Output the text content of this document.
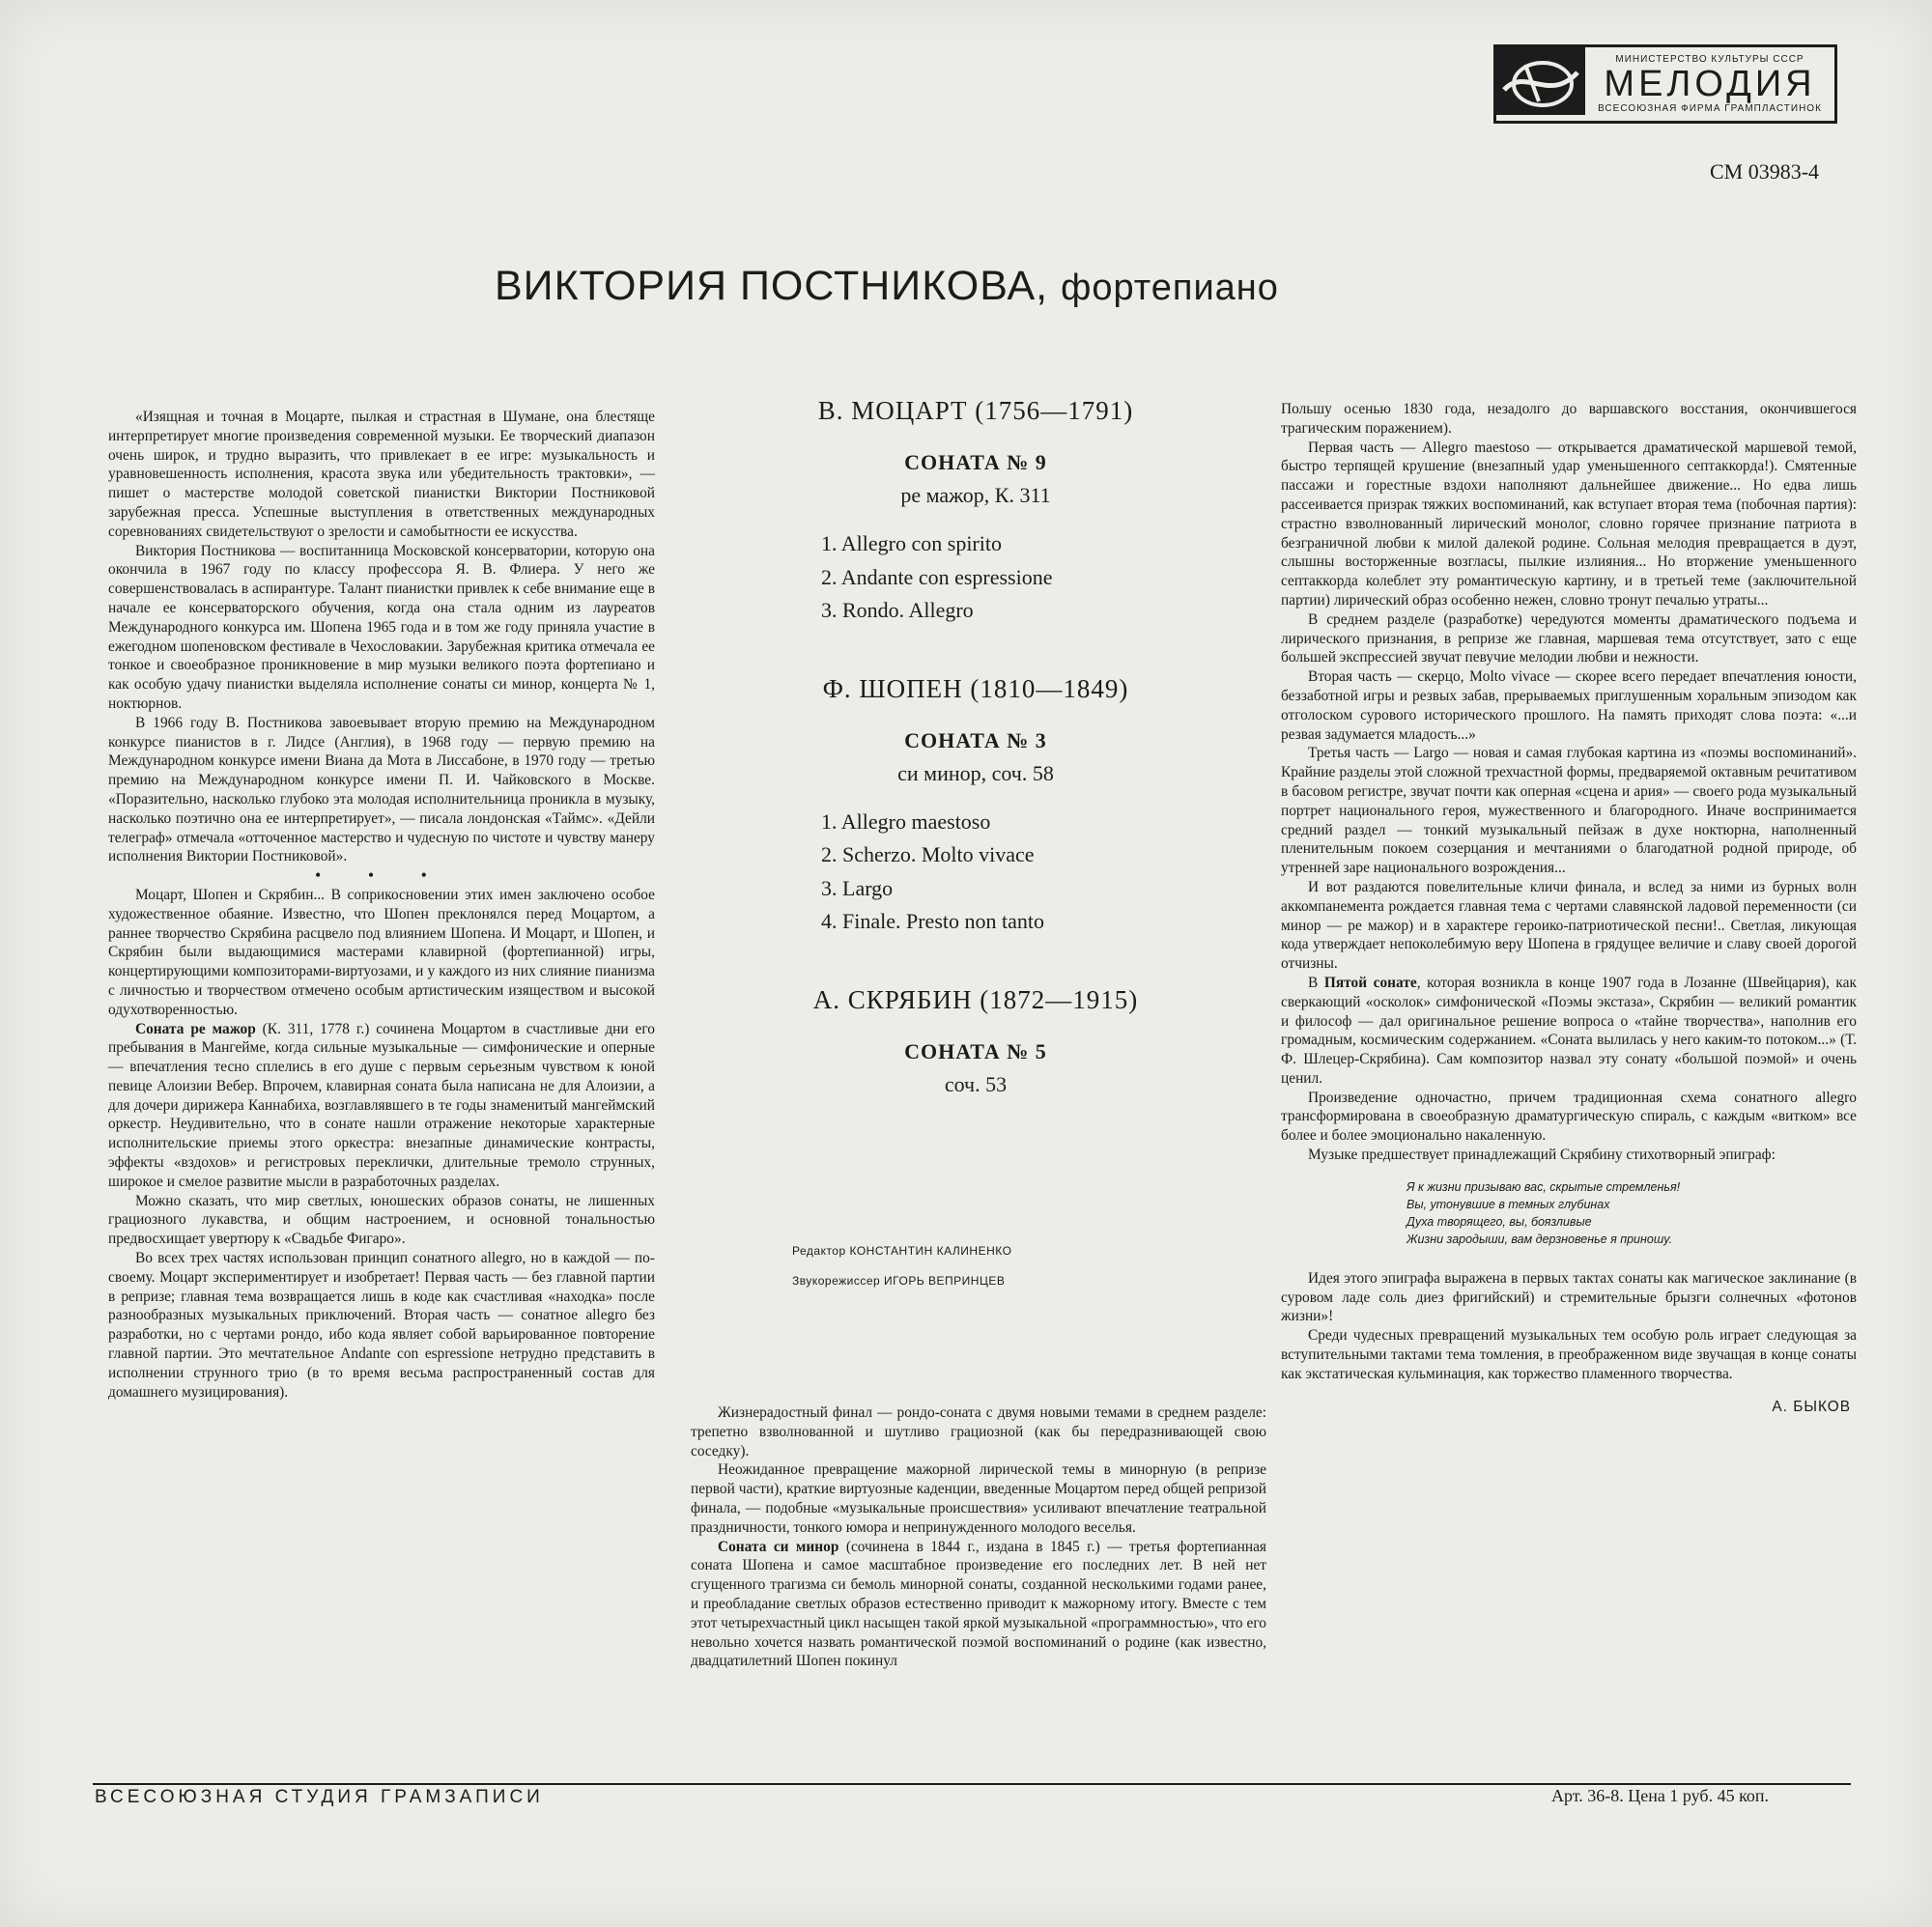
МИНИСТЕРСТВО КУЛЬТУРЫ СССР
МЕЛОДИЯ
ВСЕСОЮЗНАЯ ФИРМА ГРАМПЛАСТИНОК
СМ 03983-4
ВИКТОРИЯ ПОСТНИКОВА, фортепиано

«Изящная и точная в Моцарте, пылкая и страстная в Шумане, она блестяще интерпретирует многие произведения современной музыки. Ее творческий диапазон очень широк, и трудно выразить, что привлекает в ее игре: музыкальность и уравновешенность исполнения, красота звука или убедительность трактовки», — пишет о мастерстве молодой советской пианистки Виктории Постниковой зарубежная пресса. Успешные выступления в ответственных международных соревнованиях свидетельствуют о зрелости и самобытности ее искусства.

Виктория Постникова — воспитанница Московской консерватории, которую она окончила в 1967 году по классу профессора Я. В. Флиера. У него же совершенствовалась в аспирантуре. Талант пианистки привлек к себе внимание еще в начале ее консерваторского обучения, когда она стала одним из лауреатов Международного конкурса им. Шопена 1965 года и в том же году приняла участие в ежегодном шопеновском фестивале в Чехословакии. Зарубежная критика отмечала ее тонкое и своеобразное проникновение в мир музыки великого поэта фортепиано и как особую удачу пианистки выделяла исполнение сонаты си минор, концерта № 1, ноктюрнов.

В 1966 году В. Постникова завоевывает вторую премию на Международном конкурсе пианистов в г. Лидсе (Англия), в 1968 году — первую премию на Международном конкурсе имени Виана да Мота в Лиссабоне, в 1970 году — третью премию на Международном конкурсе имени П. И. Чайковского в Москве. «Поразительно, насколько глубоко эта молодая исполнительница проникла в музыку, насколько поэтично она ее интерпретирует», — писала лондонская «Таймс». «Дейли телеграф» отмечала «отточенное мастерство и чудесную по чистоте и чувству манеру исполнения Виктории Постниковой».

• • •

Моцарт, Шопен и Скрябин... В соприкосновении этих имен заключено особое художественное обаяние. Известно, что Шопен преклонялся перед Моцартом, а раннее творчество Скрябина расцвело под влиянием Шопена. И Моцарт, и Шопен, и Скрябин были выдающимися мастерами клавирной (фортепианной) игры, концертирующими композиторами-виртуозами, и у каждого из них слияние пианизма с личностью и творчеством отмечено особым артистическим изяществом и высокой одухотворенностью.

Соната ре мажор (К. 311, 1778 г.) сочинена Моцартом в счастливые дни его пребывания в Мангейме, когда сильные музыкальные — симфонические и оперные — впечатления тесно сплелись в его душе с первым серьезным чувством к юной певице Алоизии Вебер. Впрочем, клавирная соната была написана не для Алоизии, а для дочери дирижера Каннабиха, возглавлявшего в те годы знаменитый мангеймский оркестр. Неудивительно, что в сонате нашли отражение некоторые характерные исполнительские приемы этого оркестра: внезапные динамические контрасты, эффекты «вздохов» и регистровых переклички, длительные тремоло струнных, широкое и смелое развитие мысли в разработочных разделах.

Можно сказать, что мир светлых, юношеских образов сонаты, не лишенных грациозного лукавства, и общим настроением, и основной тональностью предвосхищает увертюру к «Свадьбе Фигаро».

Во всех трех частях использован принцип сонатного allegro, но в каждой — по-своему. Моцарт экспериментирует и изобретает! Первая часть — без главной партии в репризе; главная тема возвращается лишь в коде как счастливая «находка» после разнообразных музыкальных приключений. Вторая часть — сонатное allegro без разработки, но с чертами рондо, ибо кода являет собой варьированное повторение главной партии. Это мечтательное Andante con espressione нетрудно представить в исполнении струнного трио (в то время весьма распространенный состав для домашнего музицирования).

В. МОЦАРТ (1756—1791)
СОНАТА № 9
ре мажор, К. 311
1. Allegro con spirito
2. Andante con espressione
3. Rondo. Allegro
Ф. ШОПЕН (1810—1849)
СОНАТА № 3
си минор, соч. 58
1. Allegro maestoso
2. Scherzo. Molto vivace
3. Largo
4. Finale. Presto non tanto
А. СКРЯБИН (1872—1915)
СОНАТА № 5
соч. 53
Редактор КОНСТАНТИН КАЛИНЕНКО
Звукорежиссер ИГОРЬ ВЕПРИНЦЕВ

Жизнерадостный финал — рондо-соната с двумя новыми темами в среднем разделе: трепетно взволнованной и шутливо грациозной (как бы передразнивающей свою соседку).

Неожиданное превращение мажорной лирической темы в минорную (в репризе первой части), краткие виртуозные каденции, введенные Моцартом перед общей репризой финала, — подобные «музыкальные происшествия» усиливают впечатление театральной праздничности, тонкого юмора и непринужденного молодого веселья.

Соната си минор (сочинена в 1844 г., издана в 1845 г.) — третья фортепианная соната Шопена и самое масштабное произведение его последних лет. В ней нет сгущенного трагизма си бемоль минорной сонаты, созданной несколькими годами ранее, и преобладание светлых образов естественно приводит к мажорному итогу. Вместе с тем этот четырехчастный цикл насыщен такой яркой музыкальной «программностью», что его невольно хочется назвать романтической поэмой воспоминаний о родине (как известно, двадцатилетний Шопен покинул

Польшу осенью 1830 года, незадолго до варшавского восстания, окончившегося трагическим поражением).

Первая часть — Allegro maestoso — открывается драматической маршевой темой, быстро терпящей крушение (внезапный удар уменьшенного септаккорда!). Смятенные пассажи и горестные вздохи наполняют дальнейшее движение... Но едва лишь рассеивается призрак тяжких воспоминаний, как вступает вторая тема (побочная партия): страстно взволнованный лирический монолог, словно горячее признание патриота в безграничной любви к милой далекой родине. Сольная мелодия превращается в дуэт, слышны восторженные возгласы, пылкие излияния... Но вторжение уменьшенного септаккорда колеблет эту романтическую картину, и в третьей теме (заключительной партии) лирический образ особенно нежен, словно тронут печалью утраты...

В среднем разделе (разработке) чередуются моменты драматического подъема и лирического признания, в репризе же главная, маршевая тема отсутствует, зато с еще большей экспрессией звучат певучие мелодии любви и нежности.

Вторая часть — скерцо, Molto vivace — скорее всего передает впечатления юности, беззаботной игры и резвых забав, прерываемых приглушенным хоральным эпизодом как отголоском сурового исторического прошлого. На память приходят слова поэта: «...и резвая задумается младость...»

Третья часть — Largo — новая и самая глубокая картина из «поэмы воспоминаний». Крайние разделы этой сложной трехчастной формы, предваряемой октавным речитативом в басовом регистре, звучат почти как оперная «сцена и ария» — своего рода музыкальный портрет национального героя, мужественного и благородного. Иначе воспринимается средний раздел — тонкий музыкальный пейзаж в духе ноктюрна, наполненный пленительным покоем созерцания и мечтаниями о благодатной родной природе, об утренней заре национального возрождения...

И вот раздаются повелительные кличи финала, и вслед за ними из бурных волн аккомпанемента рождается главная тема с чертами славянской ладовой переменности (си минор — ре мажор) и в характере героико-патриотической песни!.. Светлая, ликующая кода утверждает непоколебимую веру Шопена в грядущее величие и славу своей дорогой отчизны.

В Пятой сонате, которая возникла в конце 1907 года в Лозанне (Швейцария), как сверкающий «осколок» симфонической «Поэмы экстаза», Скрябин — великий романтик и философ — дал оригинальное решение вопроса о «тайне творчества», наполнив его громадным, космическим содержанием. «Соната вылилась у него каким-то потоком...» (Т. Ф. Шлецер-Скрябина). Сам композитор назвал эту сонату «большой поэмой» и очень ценил.

Произведение одночастно, причем традиционная схема сонатного allegro трансформирована в своеобразную драматургическую спираль, с каждым «витком» все более и более эмоционально накаленную.

Музыке предшествует принадлежащий Скрябину стихотворный эпиграф:

Я к жизни призываю вас, скрытые стремленья!
Вы, утонувшие в темных глубинах
Духа творящего, вы, боязливые
Жизни зародыши, вам дерзновенье я приношу.

Идея этого эпиграфа выражена в первых тактах сонаты как магическое заклинание (в суровом ладе соль диез фригийский) и стремительные брызги солнечных «фотонов жизни»!

Среди чудесных превращений музыкальных тем особую роль играет следующая за вступительными тактами тема томления, в преображенном виде звучащая в конце сонаты как экстатическая кульминация, как торжество пламенного творчества.

А. БЫКОВ
ВСЕСОЮЗНАЯ СТУДИЯ ГРАМЗАПИСИ	Арт. 36-8. Цена 1 руб. 45 коп.
